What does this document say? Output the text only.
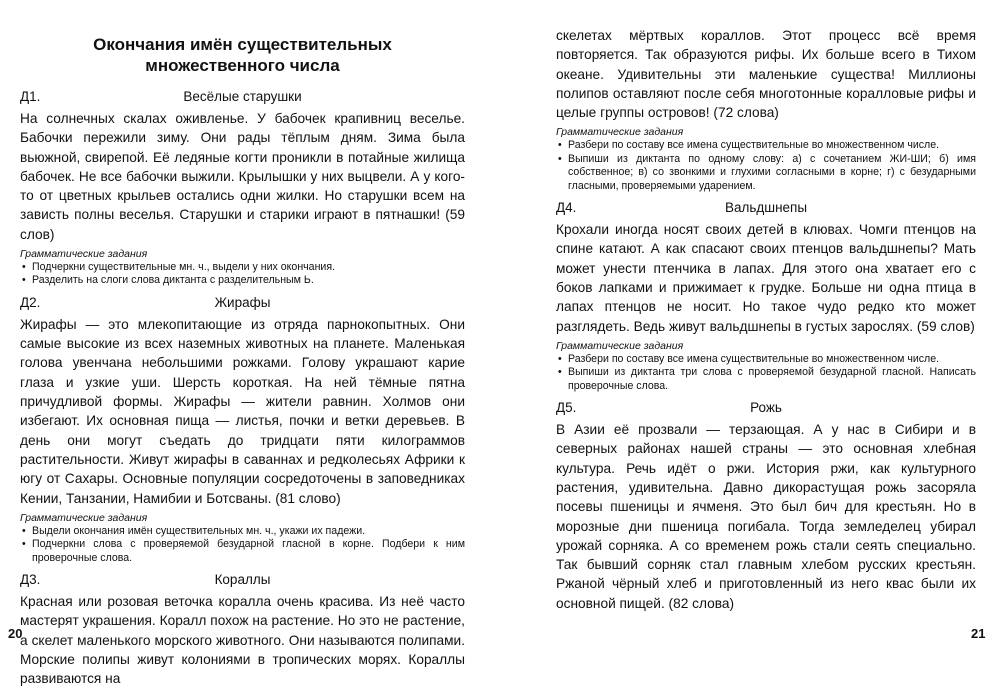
Окончания имён существительных
множественного числа
Д1.	Весёлые старушки
На солнечных скалах оживленье. У бабочек крапивниц веселье. Бабочки пережили зиму. Они рады тёплым дням. Зима была вьюжной, свирепой. Её ледяные когти проникли в потайные жилища бабочек. Не все бабочки выжили. Крылышки у них выцвели. А у кого-то от цветных крыльев остались одни жилки. Но старушки всем на зависть полны веселья. Старушки и старики играют в пятнашки! (59 слов)
Грамматические задания
• Подчеркни существительные мн. ч., выдели у них окончания.
• Разделить на слоги слова диктанта с разделительным Ь.
Д2.	Жирафы
Жирафы — это млекопитающие из отряда парнокопытных. Они самые высокие из всех наземных животных на планете. Маленькая голова увенчана небольшими рожками. Голову украшают карие глаза и узкие уши. Шерсть короткая. На ней тёмные пятна причудливой формы. Жирафы — жители равнин. Холмов они избегают. Их основная пища — листья, почки и ветки деревьев. В день они могут съедать до тридцати пяти килограммов растительности. Живут жирафы в саваннах и редколесьях Африки к югу от Сахары. Основные популяции сосредоточены в заповедниках Кении, Танзании, Намибии и Ботсваны. (81 слово)
Грамматические задания
• Выдели окончания имён существительных мн. ч., укажи их падежи.
• Подчеркни слова с проверяемой безударной гласной в корне. Подбери к ним проверочные слова.
Д3.	Кораллы
Красная или розовая веточка коралла очень красива. Из неё часто мастерят украшения. Коралл похож на растение. Но это не растение, а скелет маленького морского животного. Они называются полипами. Морские полипы живут колониями в тропических морях. Кораллы развиваются на
20
скелетах мёртвых кораллов. Этот процесс всё время повторяется. Так образуются рифы. Их больше всего в Тихом океане. Удивительны эти маленькие существа! Миллионы полипов оставляют после себя многотонные коралловые рифы и целые группы островов! (72 слова)
Грамматические задания
• Разбери по составу все имена существительные во множественном числе.
• Выпиши из диктанта по одному слову: а) с сочетанием ЖИ-ШИ; б) имя собственное; в) со звонкими и глухими согласными в корне; г) с безударными гласными, проверяемыми ударением.
Д4.	Вальдшнепы
Крохали иногда носят своих детей в клювах. Чомги птенцов на спине катают. А как спасают своих птенцов вальдшнепы? Мать может унести птенчика в лапах. Для этого она хватает его с боков лапками и прижимает к грудке. Больше ни одна птица в лапах птенцов не носит. Но такое чудо редко кто может разглядеть. Ведь живут вальдшнепы в густых зарослях. (59 слов)
Грамматические задания
• Разбери по составу все имена существительные во множественном числе.
• Выпиши из диктанта три слова с проверяемой безударной гласной. Написать проверочные слова.
Д5.	Рожь
В Азии её прозвали — терзающая. А у нас в Сибири и в северных районах нашей страны — это основная хлебная культура. Речь идёт о ржи. История ржи, как культурного растения, удивительна. Давно дикорастущая рожь засоряла посевы пшеницы и ячменя. Это был бич для крестьян. Но в морозные дни пшеница погибала. Тогда земледелец убирал урожай сорняка. А со временем рожь стали сеять специально. Так бывший сорняк стал главным хлебом русских крестьян. Ржаной чёрный хлеб и приготовленный из него квас были их основной пищей. (82 слова)
21
